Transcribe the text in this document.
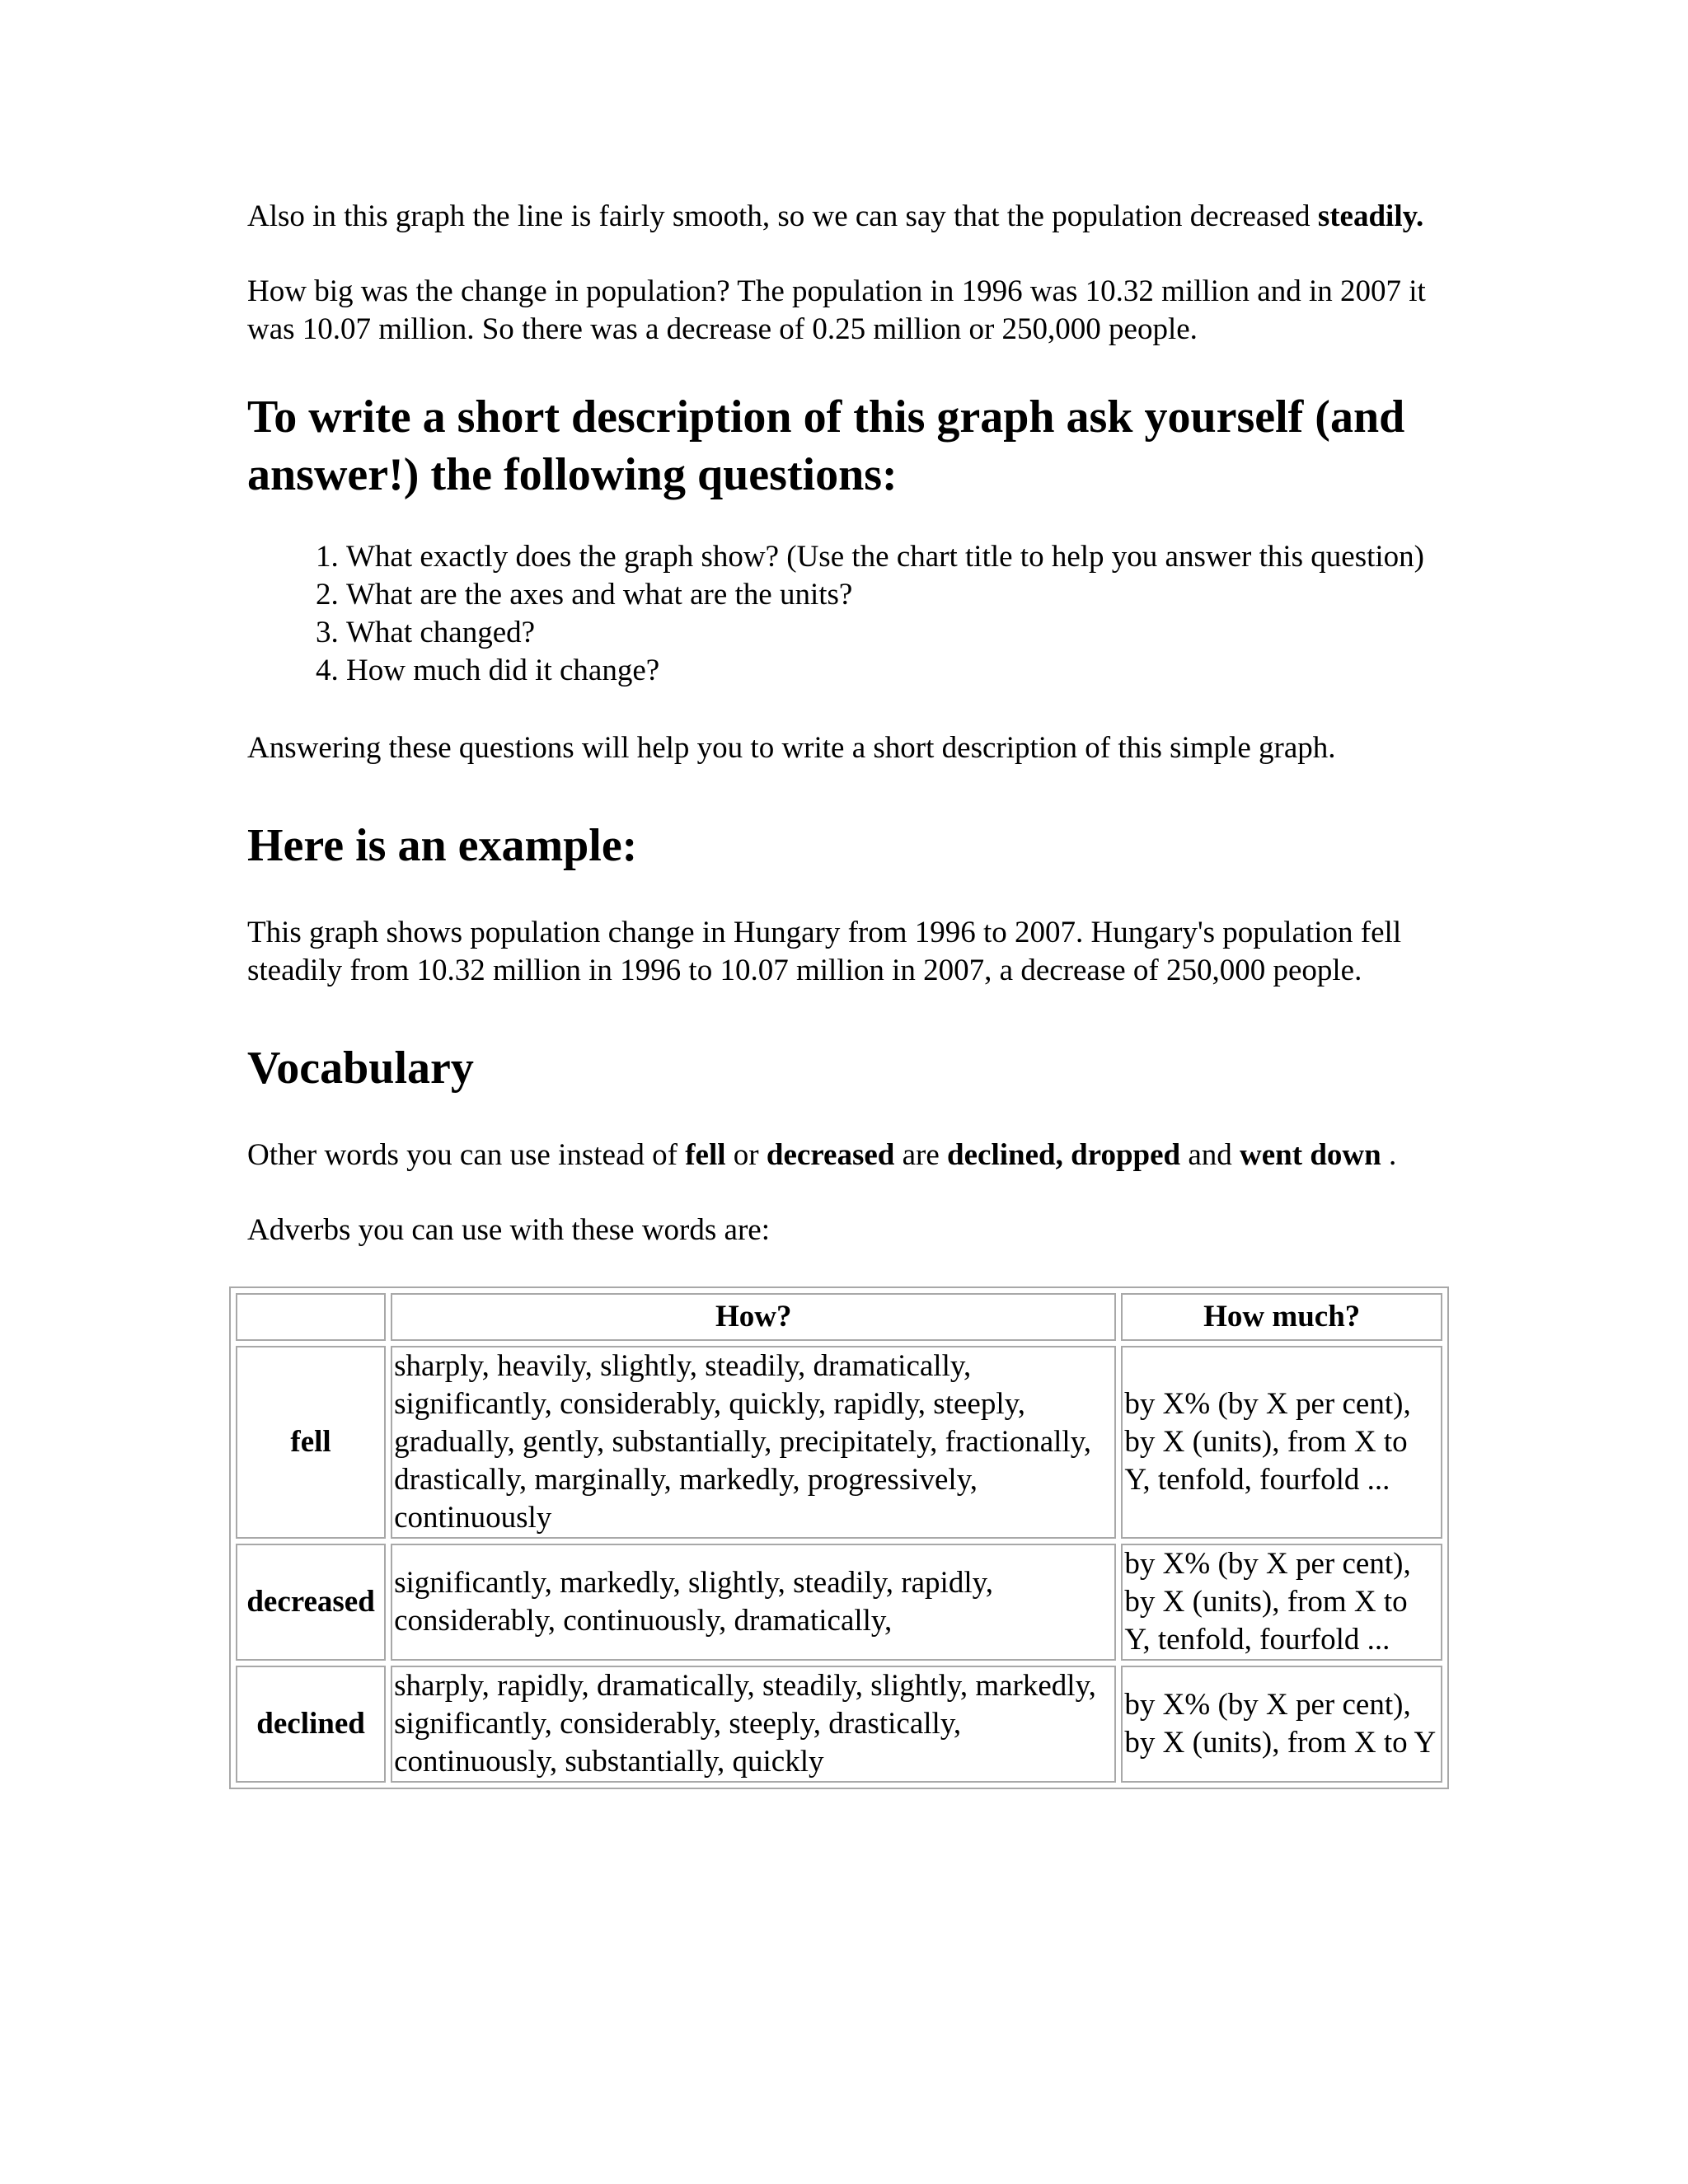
Also in this graph the line is fairly smooth, so we can say that the population decreased steadily.

How big was the change in population? The population in 1996 was 10.32 million and in 2007 it was 10.07 million. So there was a decrease of 0.25 million or 250,000 people.

To write a short description of this graph ask yourself (and answer!) the following questions:
1. What exactly does the graph show? (Use the chart title to help you answer this question)
2. What are the axes and what are the units?
3. What changed?
4. How much did it change?

Answering these questions will help you to write a short description of this simple graph.

Here is an example:

This graph shows population change in Hungary from 1996 to 2007. Hungary's population fell steadily from 10.32 million in 1996 to 10.07 million in 2007, a decrease of 250,000 people.

Vocabulary

Other words you can use instead of fell or decreased are declined, dropped and went down .

Adverbs you can use with these words are:

	How?	How much?
fell	sharply, heavily, slightly, steadily, dramatically, significantly, considerably, quickly, rapidly, steeply, gradually, gently, substantially, precipitately, fractionally, drastically, marginally, markedly, progressively, continuously	by X% (by X per cent), by X (units), from X to Y, tenfold, fourfold ...
decreased	significantly, markedly, slightly, steadily, rapidly, considerably, continuously, dramatically,	by X% (by X per cent), by X (units), from X to Y, tenfold, fourfold ...
declined	sharply, rapidly, dramatically, steadily, slightly, markedly, significantly, considerably, steeply, drastically, continuously, substantially, quickly	by X% (by X per cent), by X (units), from X to Y
